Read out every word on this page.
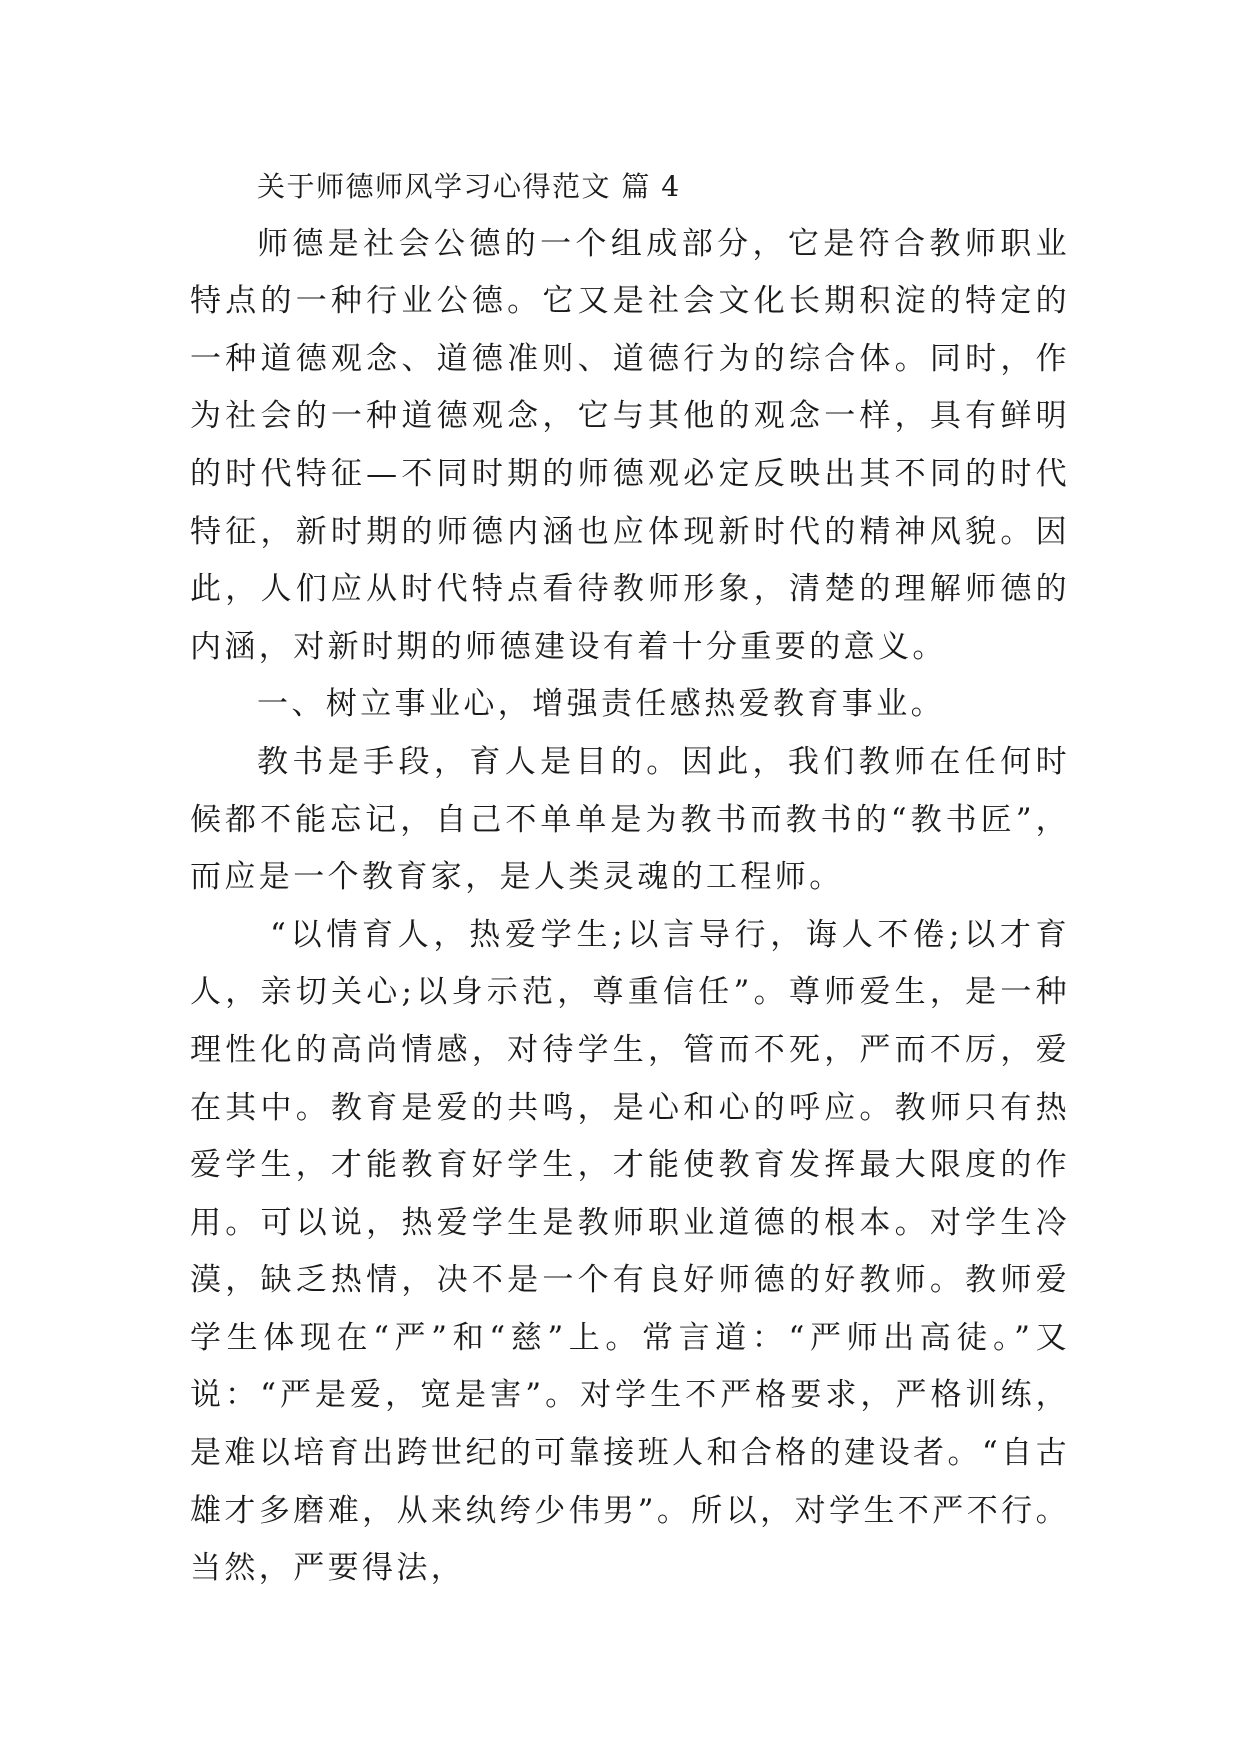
关于师德师风学习心得范文 篇 4

师德是社会公德的一个组成部分，它是符合教师职业特点的一种行业公德。它又是社会文化长期积淀的特定的一种道德观念、道德准则、道德行为的综合体。同时，作为社会的一种道德观念，它与其他的观念一样，具有鲜明的时代特征—不同时期的师德观必定反映出其不同的时代特征，新时期的师德内涵也应体现新时代的精神风貌。因此，人们应从时代特点看待教师形象，清楚的理解师德的内涵，对新时期的师德建设有着十分重要的意义。

一、树立事业心，增强责任感热爱教育事业。

教书是手段，育人是目的。因此，我们教师在任何时候都不能忘记，自己不单单是为教书而教书的“教书匠”，而应是一个教育家，是人类灵魂的工程师。

“以情育人，热爱学生;以言导行，诲人不倦;以才育人，亲切关心;以身示范，尊重信任”。尊师爱生，是一种理性化的高尚情感，对待学生，管而不死，严而不厉，爱在其中。教育是爱的共鸣，是心和心的呼应。教师只有热爱学生，才能教育好学生，才能使教育发挥最大限度的作用。可以说，热爱学生是教师职业道德的根本。对学生冷漠，缺乏热情，决不是一个有良好师德的好教师。教师爱学生体现在“严”和“慈”上。常言道：“严师出高徒。”又说：“严是爱，宽是害”。对学生不严格要求，严格训练，是难以培育出跨世纪的可靠接班人和合格的建设者。“自古雄才多磨难，从来纨绔少伟男”。所以，对学生不严不行。当然，严要得法，
